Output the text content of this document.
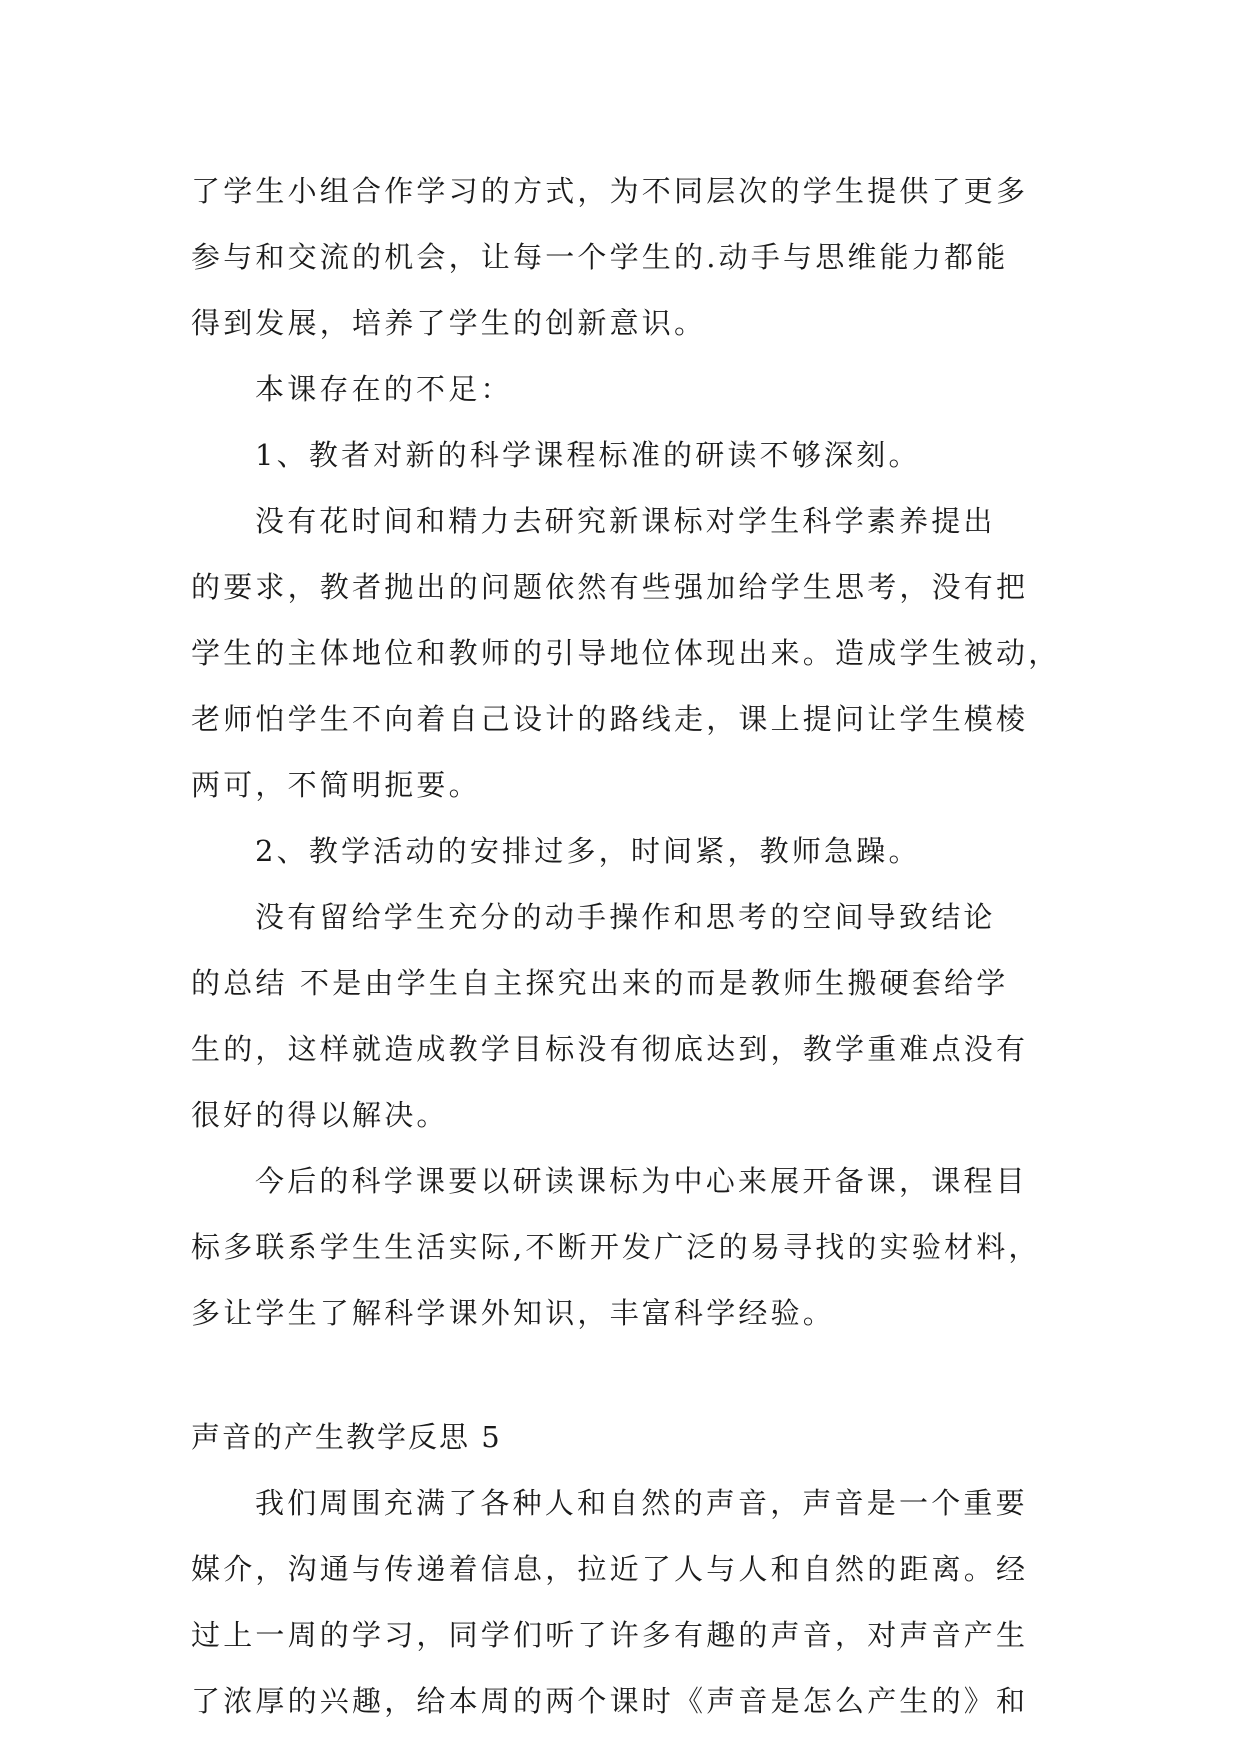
了学生小组合作学习的方式，为不同层次的学生提供了更多

参与和交流的机会，让每一个学生的.动手与思维能力都能

得到发展，培养了学生的创新意识。

本课存在的不足：

1、教者对新的科学课程标准的研读不够深刻。

没有花时间和精力去研究新课标对学生科学素养提出

的要求，教者抛出的问题依然有些强加给学生思考，没有把

学生的主体地位和教师的引导地位体现出来。造成学生被动，

老师怕学生不向着自己设计的路线走，课上提问让学生模棱

两可，不简明扼要。

2、教学活动的安排过多，时间紧，教师急躁。

没有留给学生充分的动手操作和思考的空间导致结论

的总结 不是由学生自主探究出来的而是教师生搬硬套给学

生的，这样就造成教学目标没有彻底达到，教学重难点没有

很好的得以解决。

今后的科学课要以研读课标为中心来展开备课，课程目

标多联系学生生活实际,不断开发广泛的易寻找的实验材料，

多让学生了解科学课外知识，丰富科学经验。

声音的产生教学反思 5

我们周围充满了各种人和自然的声音，声音是一个重要

媒介，沟通与传递着信息，拉近了人与人和自然的距离。经

过上一周的学习，同学们听了许多有趣的声音，对声音产生

了浓厚的兴趣，给本周的两个课时《声音是怎么产生的》和
